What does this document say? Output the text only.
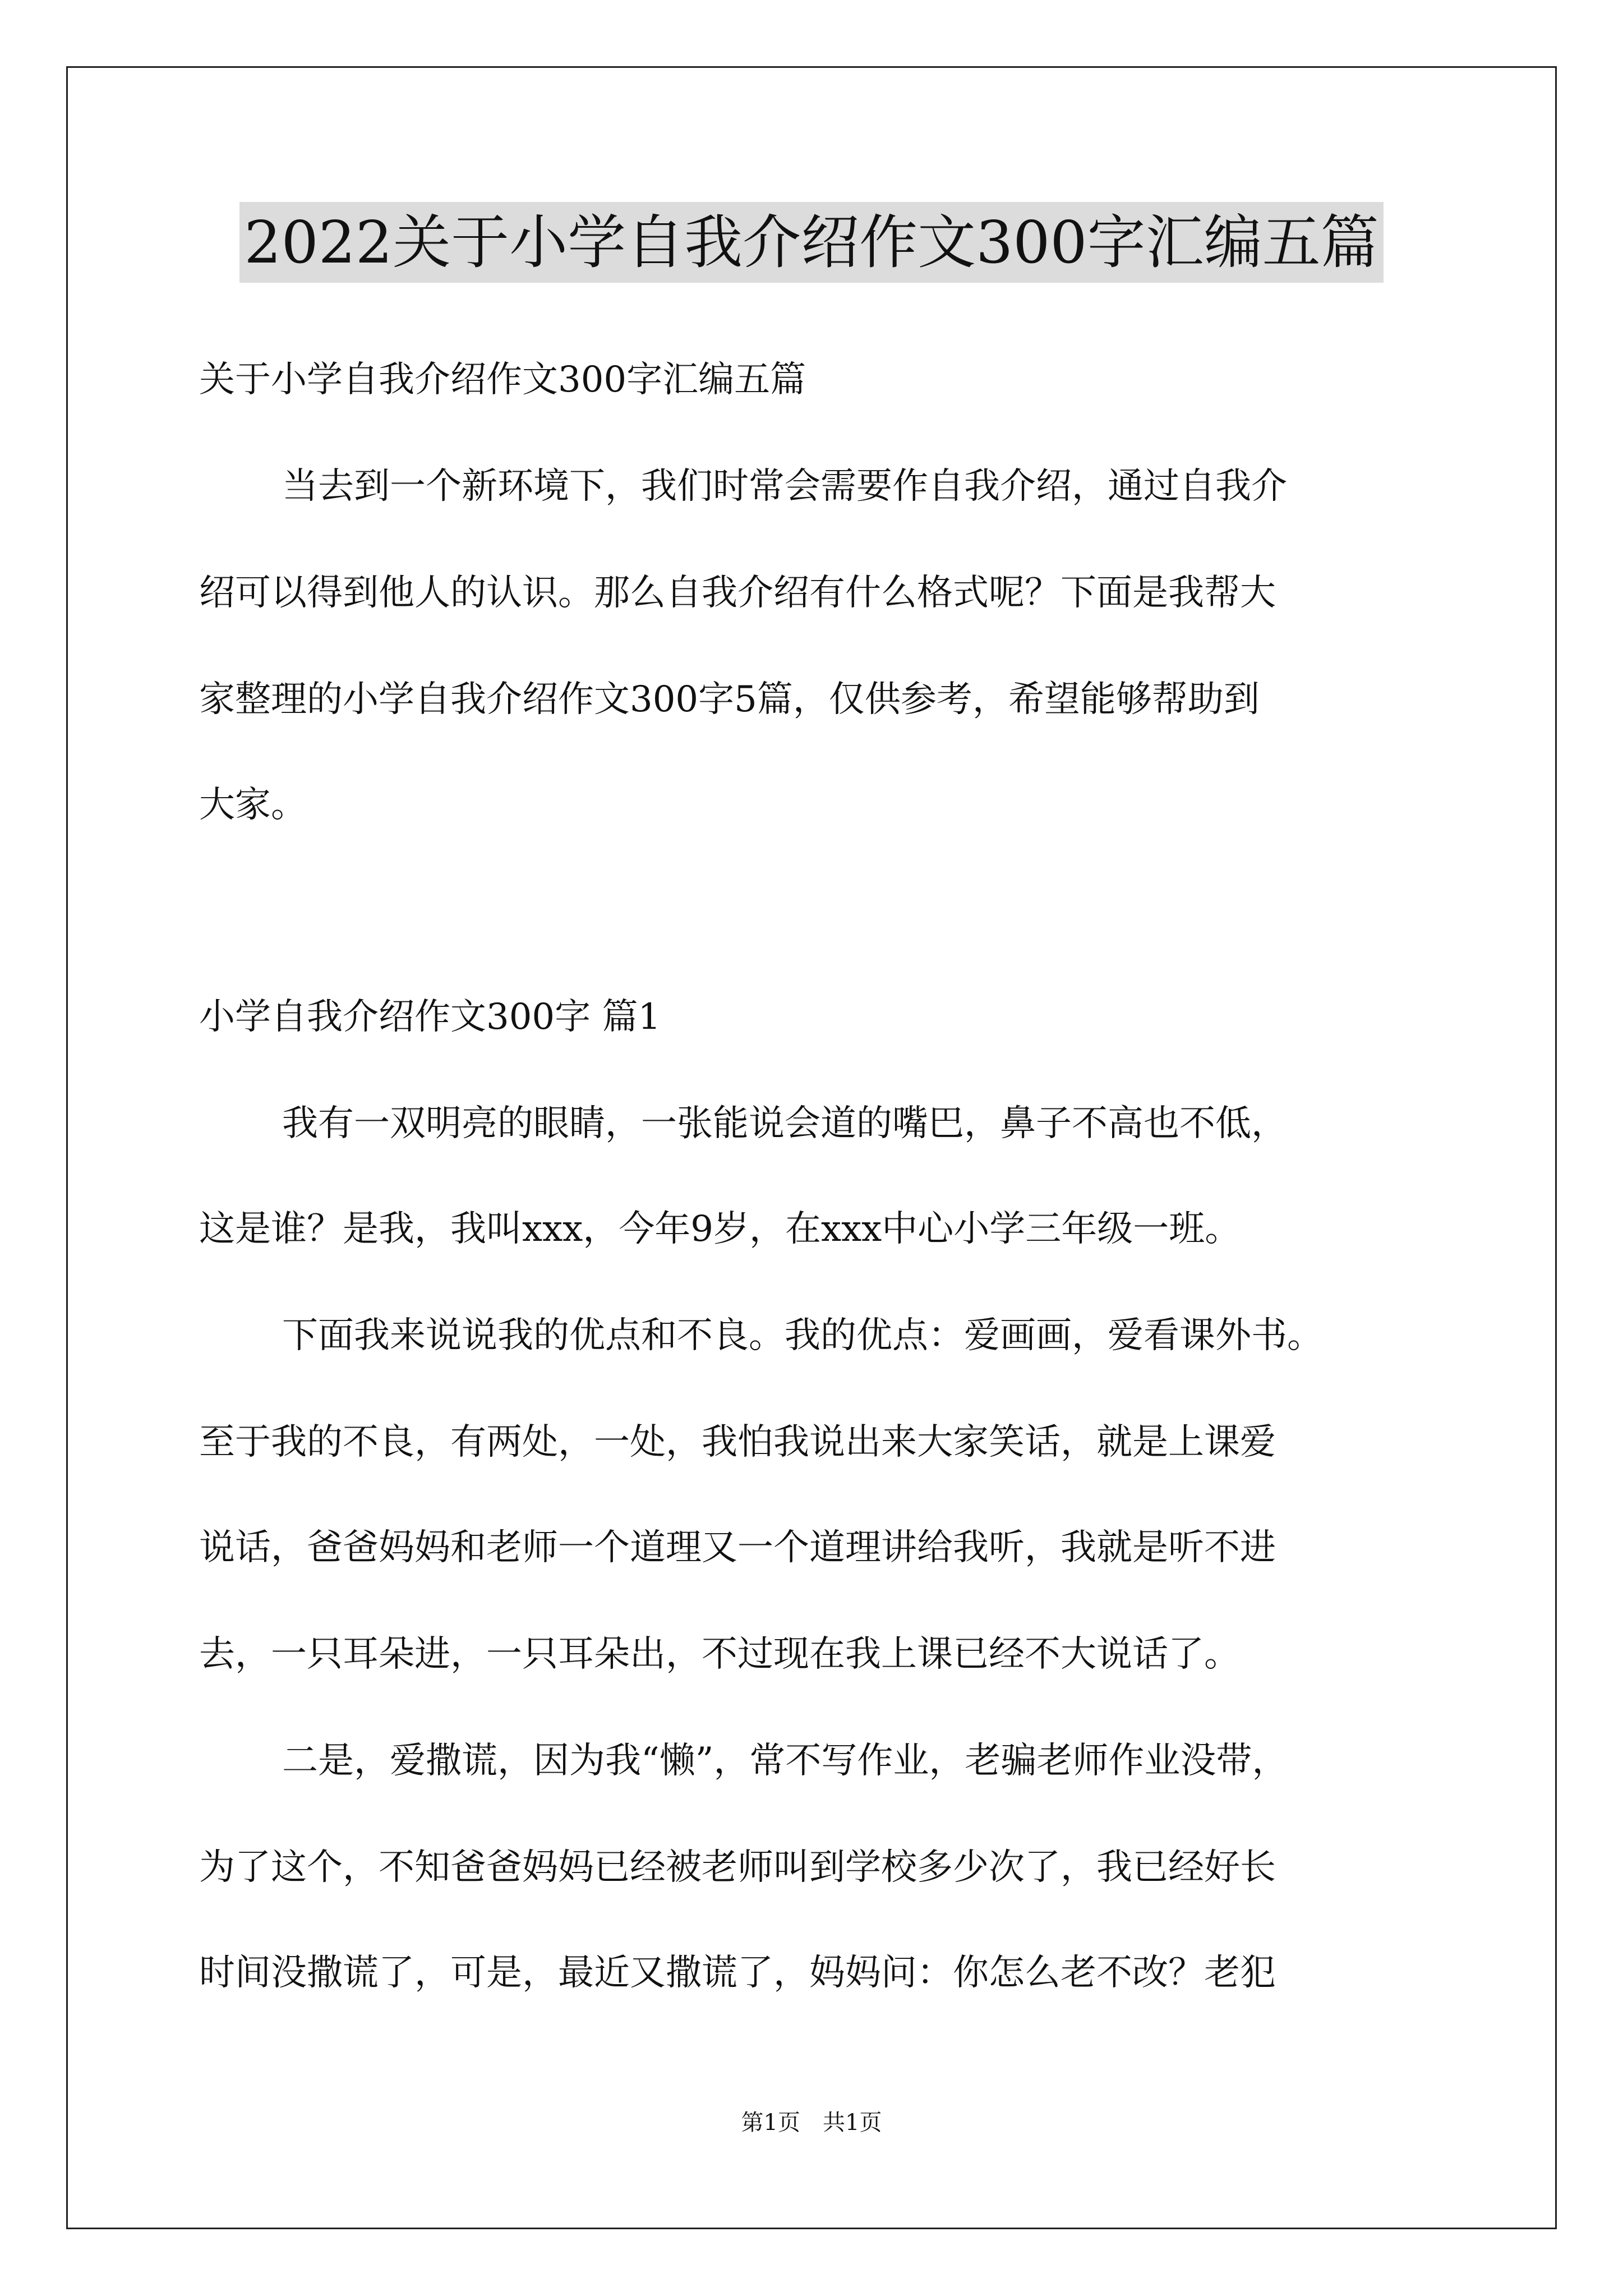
2022关于小学自我介绍作文300字汇编五篇
关于小学自我介绍作文300字汇编五篇
当去到一个新环境下，我们时常会需要作自我介绍，通过自我介
绍可以得到他人的认识。那么自我介绍有什么格式呢？下面是我帮大
家整理的小学自我介绍作文300字5篇，仅供参考，希望能够帮助到
大家。
小学自我介绍作文300字 篇1
我有一双明亮的眼睛，一张能说会道的嘴巴，鼻子不高也不低，
这是谁？是我，我叫xxx，今年9岁，在xxx中心小学三年级一班。
下面我来说说我的优点和不良。我的优点：爱画画，爱看课外书。
至于我的不良，有两处，一处，我怕我说出来大家笑话，就是上课爱
说话，爸爸妈妈和老师一个道理又一个道理讲给我听，我就是听不进
去，一只耳朵进，一只耳朵出，不过现在我上课已经不大说话了。
二是，爱撒谎，因为我“懒”，常不写作业，老骗老师作业没带，
为了这个，不知爸爸妈妈已经被老师叫到学校多少次了，我已经好长
时间没撒谎了，可是，最近又撒谎了，妈妈问：你怎么老不改？老犯
第1页　共1页
